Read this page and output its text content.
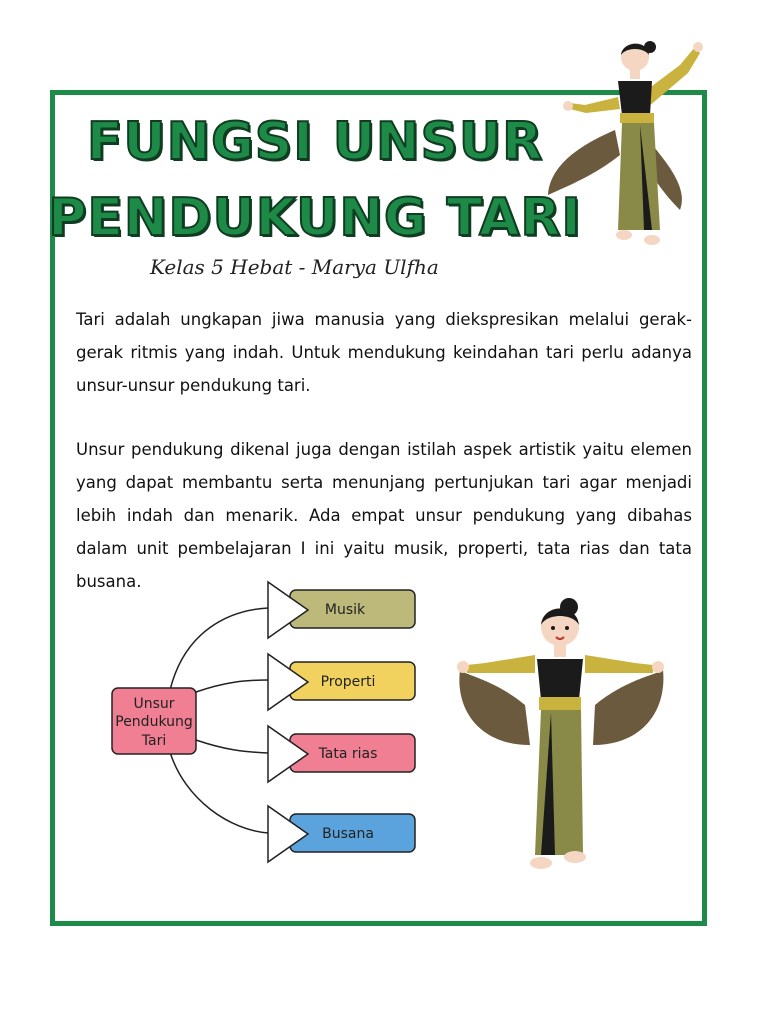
FUNGSI UNSUR
PENDUKUNG TARI
Kelas 5 Hebat - Marya Ulfha

Tari adalah ungkapan jiwa manusia yang diekspresikan melalui gerak-gerak ritmis yang indah. Untuk mendukung keindahan tari perlu adanya unsur-unsur pendukung tari.

Unsur pendukung dikenal juga dengan istilah aspek artistik yaitu elemen yang dapat membantu serta menunjang pertunjukan tari agar menjadi lebih indah dan menarik. Ada empat unsur pendukung yang dibahas dalam unit pembelajaran I ini yaitu musik, properti, tata rias dan tata busana.

Unsur
Pendukung
Tari
Musik
Properti
Tata rias
Busana
